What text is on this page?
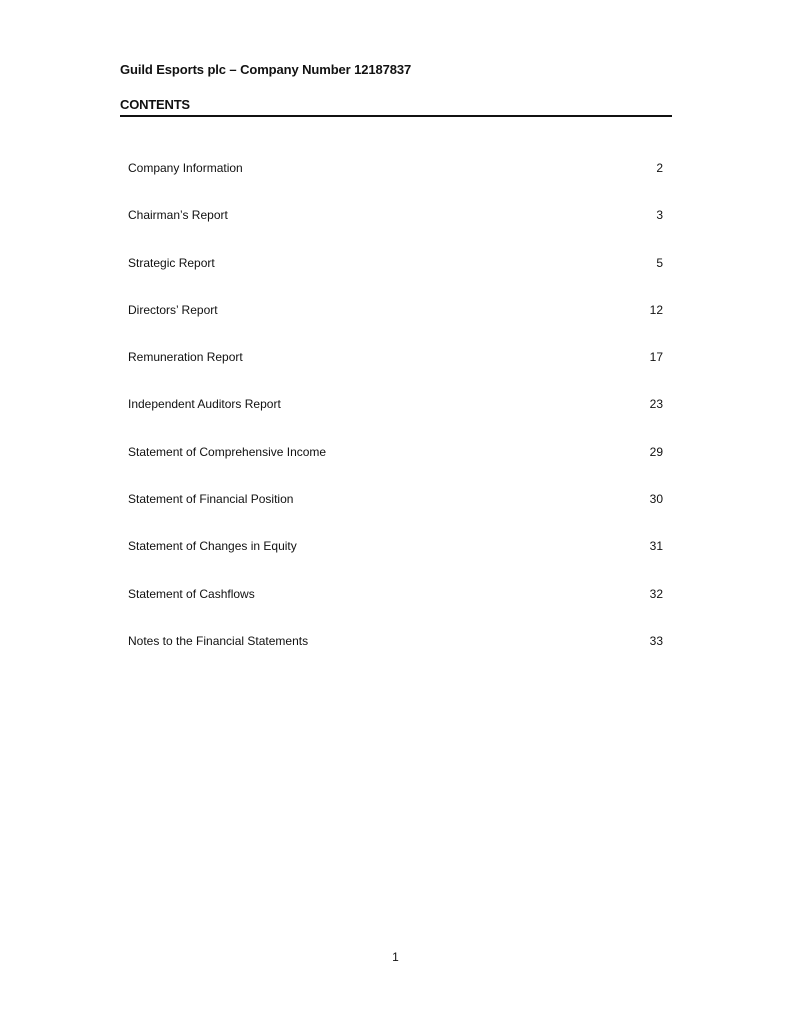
Guild Esports plc – Company Number 12187837
CONTENTS
Company Information	2
Chairman’s Report	3
Strategic Report	5
Directors’ Report	12
Remuneration Report	17
Independent Auditors Report	23
Statement of Comprehensive Income	29
Statement of Financial Position	30
Statement of Changes in Equity	31
Statement of Cashflows	32
Notes to the Financial Statements	33
1
